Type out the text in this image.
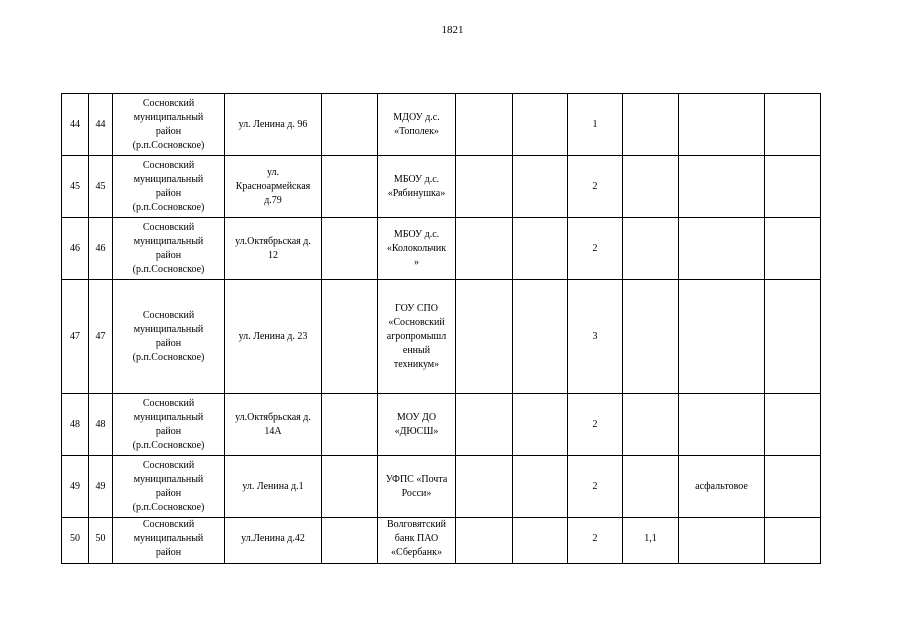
1821
44	44	Сосновский
муниципальный
район
(р.п.Сосновское)	ул. Ленина д. 96		МДОУ д.с.
«Тополек»			1			
45	45	Сосновский
муниципальный
район
(р.п.Сосновское)	ул.
Красноармейская
д.79		МБОУ д.с.
«Рябинушка»			2			
46	46	Сосновский
муниципальный
район
(р.п.Сосновское)	ул.Октябрьская д.
12		МБОУ д.с.
«Колокольчик
»			2			
47	47	Сосновский
муниципальный
район
(р.п.Сосновское)	ул. Ленина д. 23		ГОУ СПО
«Сосновский
агропромышл
енный
техникум»			3			
48	48	Сосновский
муниципальный
район
(р.п.Сосновское)	ул.Октябрьская д.
14А		МОУ ДО
«ДЮСШ»			2			
49	49	Сосновский
муниципальный
район
(р.п.Сосновское)	ул. Ленина д.1		УФПС «Почта
Росси»			2		асфальтовое	
50	50	Сосновский
муниципальный
район	ул.Ленина д.42		Волговятский
банк ПАО
«Сбербанк»			2	1,1		
